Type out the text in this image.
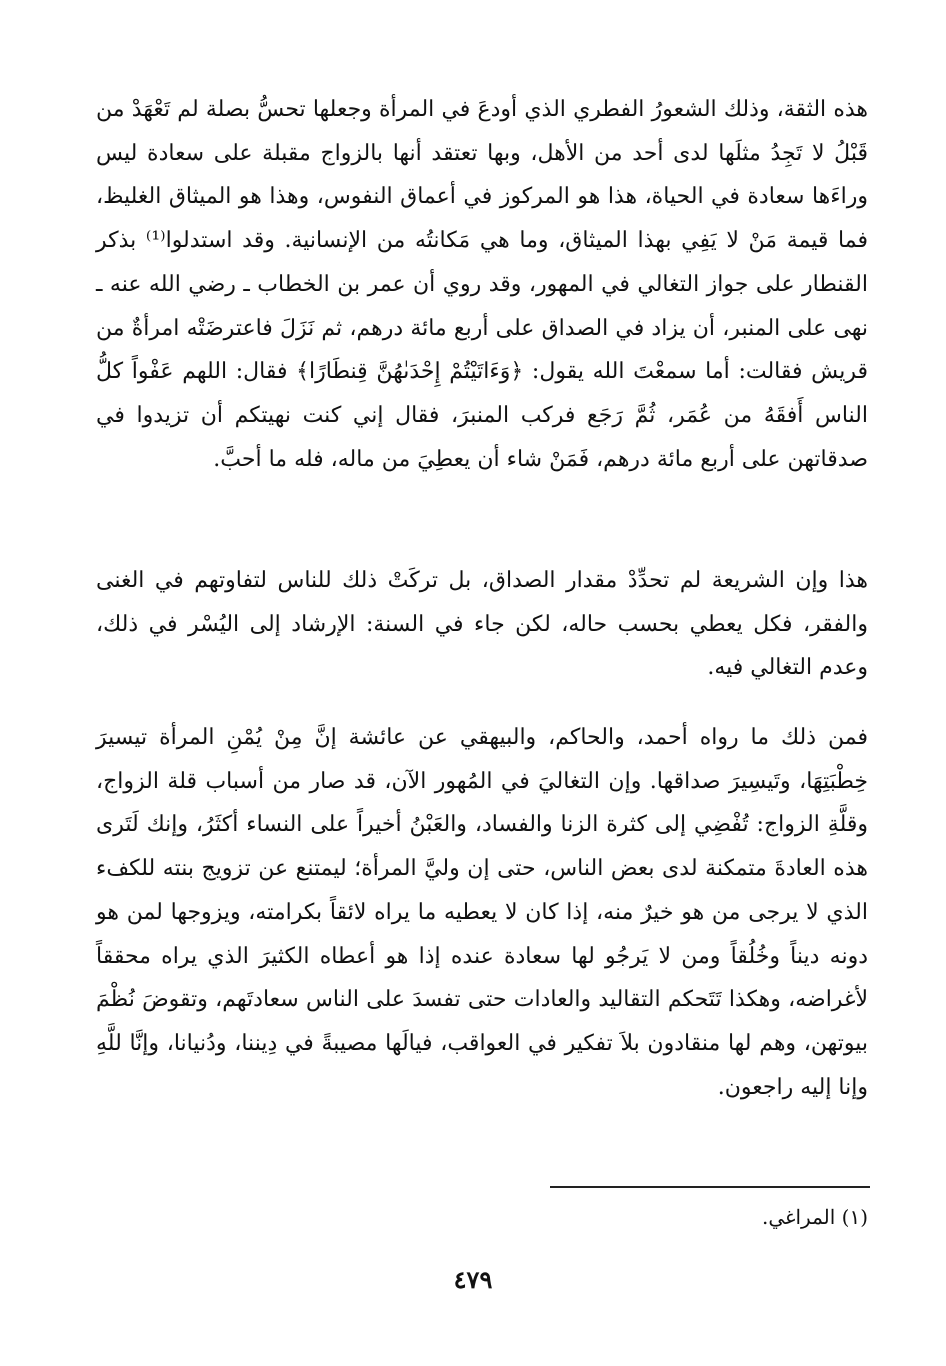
هذه الثقة، وذلك الشعورُ الفطري الذي أودعَ في المرأة وجعلها تحسُّ بصلة لم تَعْهَدْ من قَبْلُ لا تَجِدُ مثلَها لدى أحد من الأهل، وبها تعتقد أنها بالزواج مقبلة على سعادة ليس وراءَها سعادة في الحياة، هذا هو المركوز في أعماق النفوس، وهذا هو الميثاق الغليظ، فما قيمة مَنْ لا يَفِي بهذا الميثاق، وما هي مَكانتُه من الإنسانية. وقد استدلوا⁽¹⁾ بذكر القنطار على جواز التغالي في المهور، وقد روي أن عمر بن الخطاب ـ رضي الله عنه ـ نهى على المنبر، أن يزاد في الصداق على أربع مائة درهم، ثم نَزَلَ فاعترضَتْه امرأةٌ من قريش فقالت: أما سمعْتَ الله يقول: ﴿وَءَاتَيْتُمْ إِحْدَىٰهُنَّ قِنطَارًا﴾ فقال: اللهم عَفْواً كلُّ الناس أَفقَهُ من عُمَر، ثُمَّ رَجَع فركب المنبرَ، فقال إني كنت نهيتكم أن تزيدوا في صدقاتهن على أربع مائة درهم، فَمَنْ شاء أن يعطِيَ من ماله، فله ما أحبَّ.

هذا وإن الشريعة لم تحدِّدْ مقدار الصداق، بل تركَتْ ذلك للناس لتفاوتهم في الغنى والفقر، فكل يعطي بحسب حاله، لكن جاء في السنة: الإرشاد إلى اليُسْر في ذلك، وعدم التغالي فيه.

فمن ذلك ما رواه أحمد، والحاكم، والبيهقي عن عائشة إنَّ مِنْ يُمْنِ المرأة تيسيرَ خِطْبَتِهَا، وتَيسِيرَ صداقها. وإن التغاليَ في المُهور الآن، قد صار من أسباب قلة الزواج، وقلَّةِ الزواج: تُفْضِي إلى كثرة الزنا والفساد، والعَبْنُ أخيراً على النساء أكثَرُ، وإنك لَتَرى هذه العادةَ متمكنة لدى بعض الناس، حتى إن وليَّ المرأة؛ ليمتنع عن تزويج بنته للكفء الذي لا يرجى من هو خيرٌ منه، إذا كان لا يعطيه ما يراه لائقاً بكرامته، ويزوجها لمن هو دونه ديناً وخُلُقاً ومن لا يَرجُو لها سعادة عنده إذا هو أعطاه الكثيرَ الذي يراه محققاً لأغراضه، وهكذا تَتَحكم التقاليد والعادات حتى تفسدَ على الناس سعادتَهم، وتقوضَ نُظْمَ بيوتهن، وهم لها منقادون بلاَ تفكير في العواقب، فيالَها مصيبةً في دِيننا، ودُنيانا، وإنَّا للَّهِ وإنا إليه راجعون.

(١) المراغي.
٤٧٩
